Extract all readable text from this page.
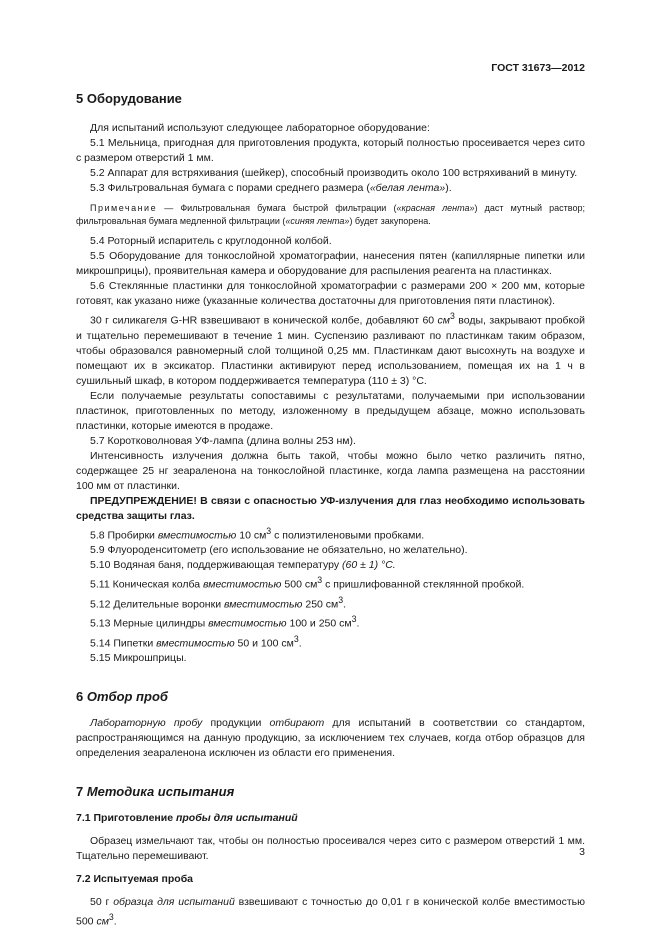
ГОСТ 31673—2012
5 Оборудование

Для испытаний используют следующее лабораторное оборудование:

5.1 Мельница, пригодная для приготовления продукта, который полностью просеивается через сито с размером отверстий 1 мм.

5.2 Аппарат для встряхивания (шейкер), способный производить около 100 встряхиваний в минуту.

5.3 Фильтровальная бумага с порами среднего размера («белая лента»).

Примечание — Фильтровальная бумага быстрой фильтрации («красная лента») даст мутный раствор; фильтровальная бумага медленной фильтрации («синяя лента») будет закупорена.

5.4 Роторный испаритель с круглодонной колбой.

5.5 Оборудование для тонкослойной хроматографии, нанесения пятен (капиллярные пипетки или микрошприцы), проявительная камера и оборудование для распыления реагента на пластинках.

5.6 Стеклянные пластинки для тонкослойной хроматографии с размерами 200 × 200 мм, которые готовят, как указано ниже (указанные количества достаточны для приготовления пяти пластинок).

30 г силикагеля G-HR взвешивают в конической колбе, добавляют 60 $см^3$ воды, закрывают пробкой и тщательно перемешивают в течение 1 мин. Суспензию разливают по пластинкам таким образом, чтобы образовался равномерный слой толщиной 0,25 мм. Пластинкам дают высохнуть на воздухе и помещают их в эксикатор. Пластинки активируют перед использованием, помещая их на 1 ч в сушильный шкаф, в котором поддерживается температура (110 ± 3) °С.

Если получаемые результаты сопоставимы с результатами, получаемыми при использовании пластинок, приготовленных по методу, изложенному в предыдущем абзаце, можно использовать пластинки, которые имеются в продаже.

5.7 Коротковолновая УФ-лампа (длина волны 253 нм).

Интенсивность излучения должна быть такой, чтобы можно было четко различить пятно, содержащее 25 нг зеараленона на тонкослойной пластинке, когда лампа размещена на расстоянии 100 мм от пластинки.

ПРЕДУПРЕЖДЕНИЕ! В связи с опасностью УФ-излучения для глаз необходимо использовать средства защиты глаз.

5.8 Пробирки вместимостью 10 $см^3$ с полиэтиленовыми пробками.

5.9 Флуороденситометр (его использование не обязательно, но желательно).

5.10 Водяная баня, поддерживающая температуру (60 ± 1) °С.

5.11 Коническая колба вместимостью 500 $см^3$ с пришлифованной стеклянной пробкой.

5.12 Делительные воронки вместимостью 250 $см^3$.

5.13 Мерные цилиндры вместимостью 100 и 250 $см^3$.

5.14 Пипетки вместимостью 50 и 100 $см^3$.

5.15 Микрошприцы.

6 Отбор проб

Лабораторную пробу продукции отбирают для испытаний в соответствии со стандартом, распространяющимся на данную продукцию, за исключением тех случаев, когда отбор образцов для определения зеараленона исключен из области его применения.

7 Методика испытания
7.1 Приготовление пробы для испытаний

Образец измельчают так, чтобы он полностью просеивался через сито с размером отверстий 1 мм. Тщательно перемешивают.

7.2 Испытуемая проба

50 г образца для испытаний взвешивают с точностью до 0,01 г в конической колбе вместимостью 500 $см^3$.

3
